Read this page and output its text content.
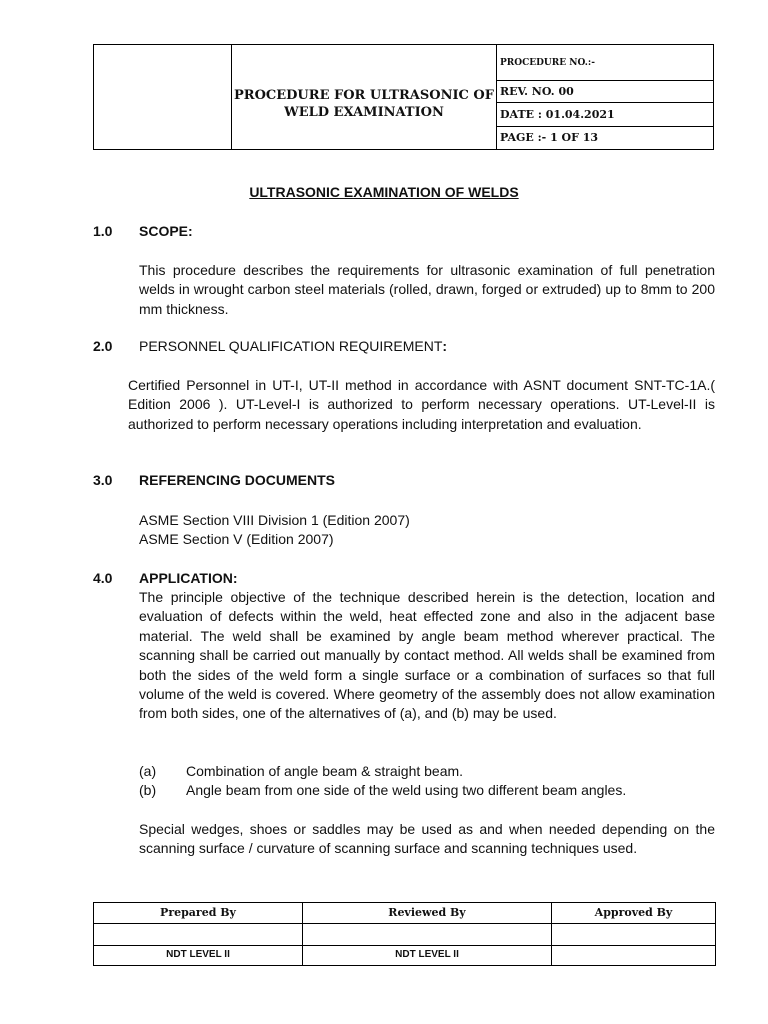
PROCEDURE FOR ULTRASONIC OF WELD EXAMINATION
PROCEDURE NO.:-
REV. NO. 00
DATE : 01.04.2021
PAGE :- 1 OF 13
ULTRASONIC EXAMINATION OF WELDS
1.0 SCOPE:
This procedure describes the requirements for ultrasonic examination of full penetration welds in wrought carbon steel materials (rolled, drawn, forged or extruded) up to 8mm to 200 mm thickness.
2.0 PERSONNEL QUALIFICATION REQUIREMENT:
Certified Personnel in UT-I, UT-II method in accordance with ASNT document SNT-TC-1A.( Edition 2006 ). UT-Level-I is authorized to perform necessary operations. UT-Level-II is authorized to perform necessary operations including interpretation and evaluation.
3.0 REFERENCING DOCUMENTS
ASME Section VIII Division 1 (Edition 2007)
ASME Section V (Edition 2007)
4.0 APPLICATION:
The principle objective of the technique described herein is the detection, location and evaluation of defects within the weld, heat effected zone and also in the adjacent base material. The weld shall be examined by angle beam method wherever practical. The scanning shall be carried out manually by contact method. All welds shall be examined from both the sides of the weld form a single surface or a combination of surfaces so that full volume of the weld is covered. Where geometry of the assembly does not allow examination from both sides, one of the alternatives of (a), and (b) may be used.
(a) Combination of angle beam & straight beam.
(b) Angle beam from one side of the weld using two different beam angles.
Special wedges, shoes or saddles may be used as and when needed depending on the scanning surface / curvature of scanning surface and scanning techniques used.
Prepared By	Reviewed By	Approved By
NDT LEVEL II	NDT LEVEL II
